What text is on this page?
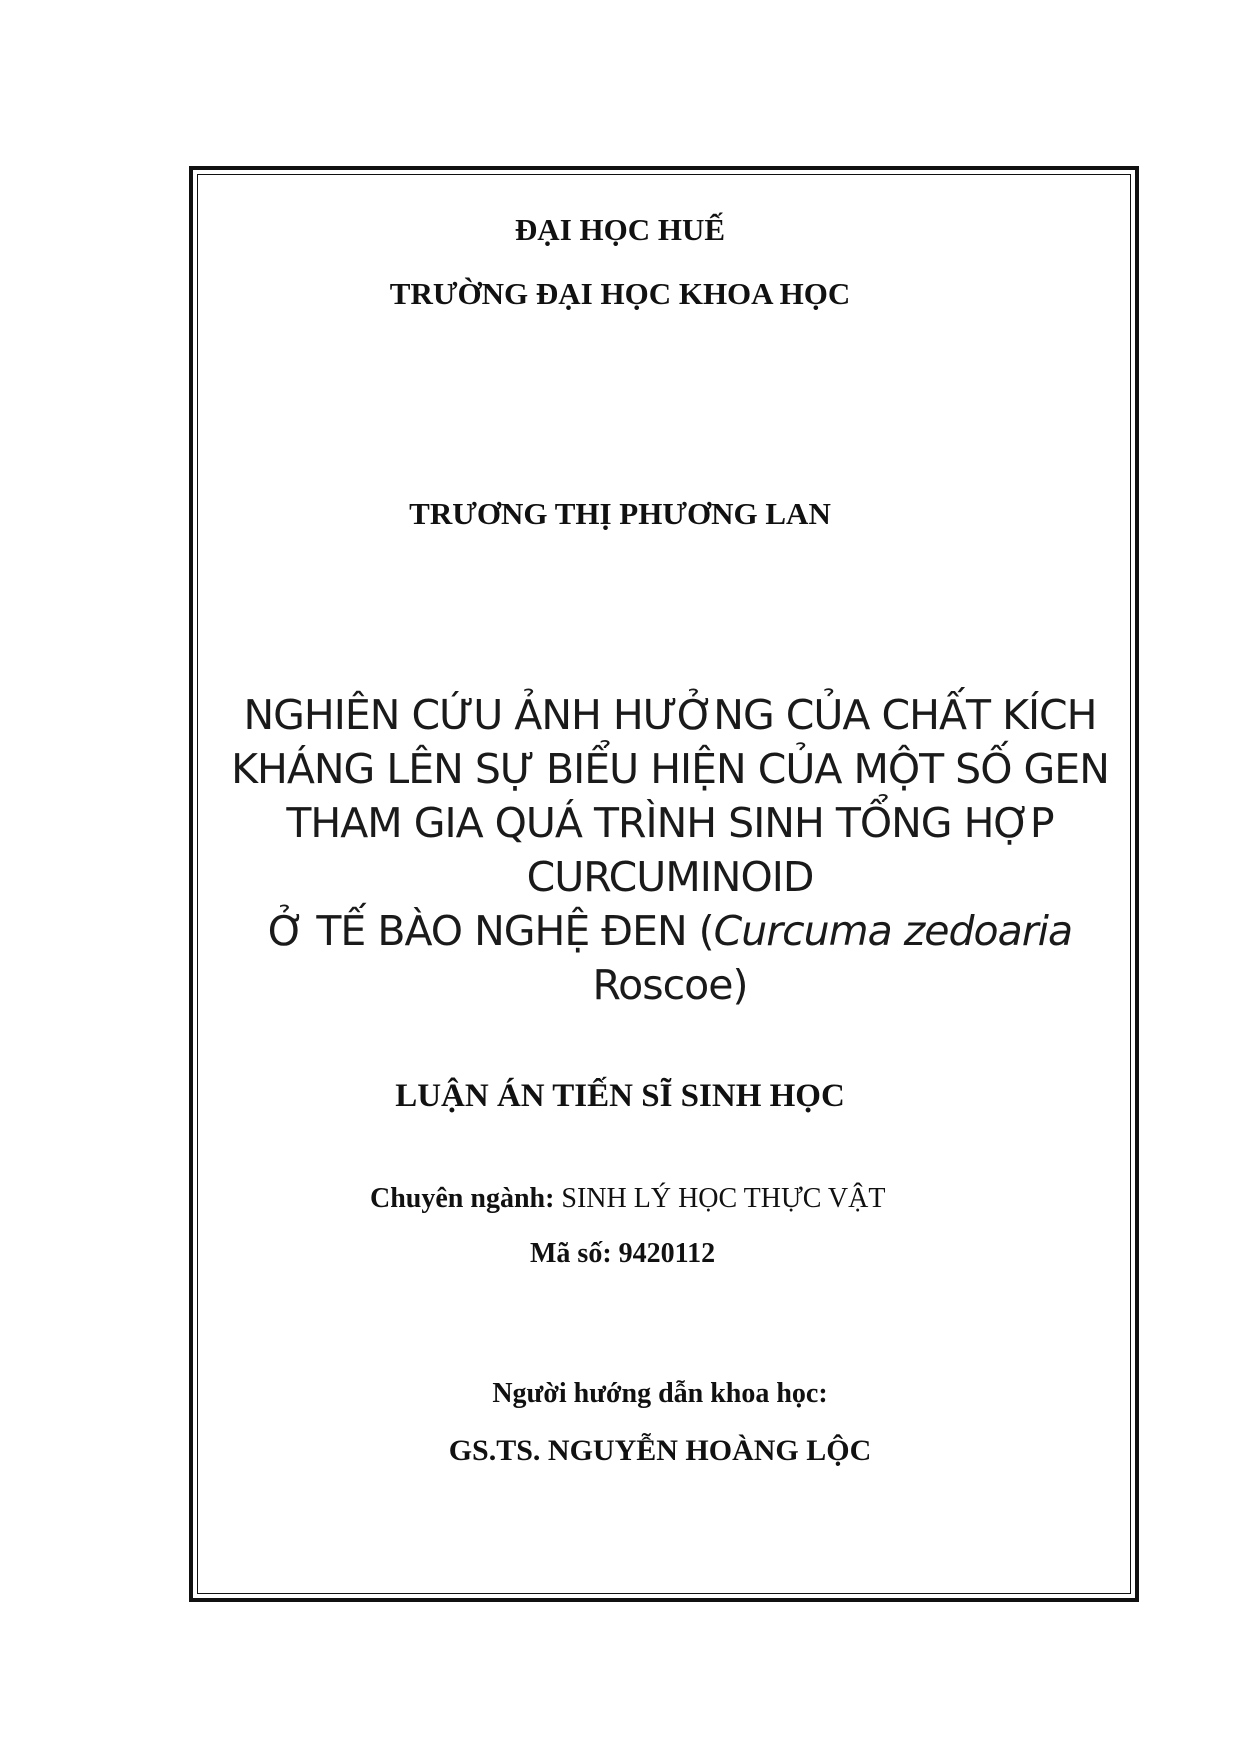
ĐẠI HỌC HUẾ
TRƯỜNG ĐẠI HỌC KHOA HỌC
TRƯƠNG THỊ PHƯƠNG LAN
NGHIÊN CỨU ẢNH HƯỞNG CỦA CHẤT KÍCH
KHÁNG LÊN SỰ BIỂU HIỆN CỦA MỘT SỐ GEN
THAM GIA QUÁ TRÌNH SINH TỔNG HỢP
CURCUMINOID
Ở TẾ BÀO NGHỆ ĐEN (Curcuma zedoaria
Roscoe)
LUẬN ÁN TIẾN SĨ SINH HỌC
Chuyên ngành: SINH LÝ HỌC THỰC VẬT
Mã số: 9420112
Người hướng dẫn khoa học:
GS.TS. NGUYỄN HOÀNG LỘC
